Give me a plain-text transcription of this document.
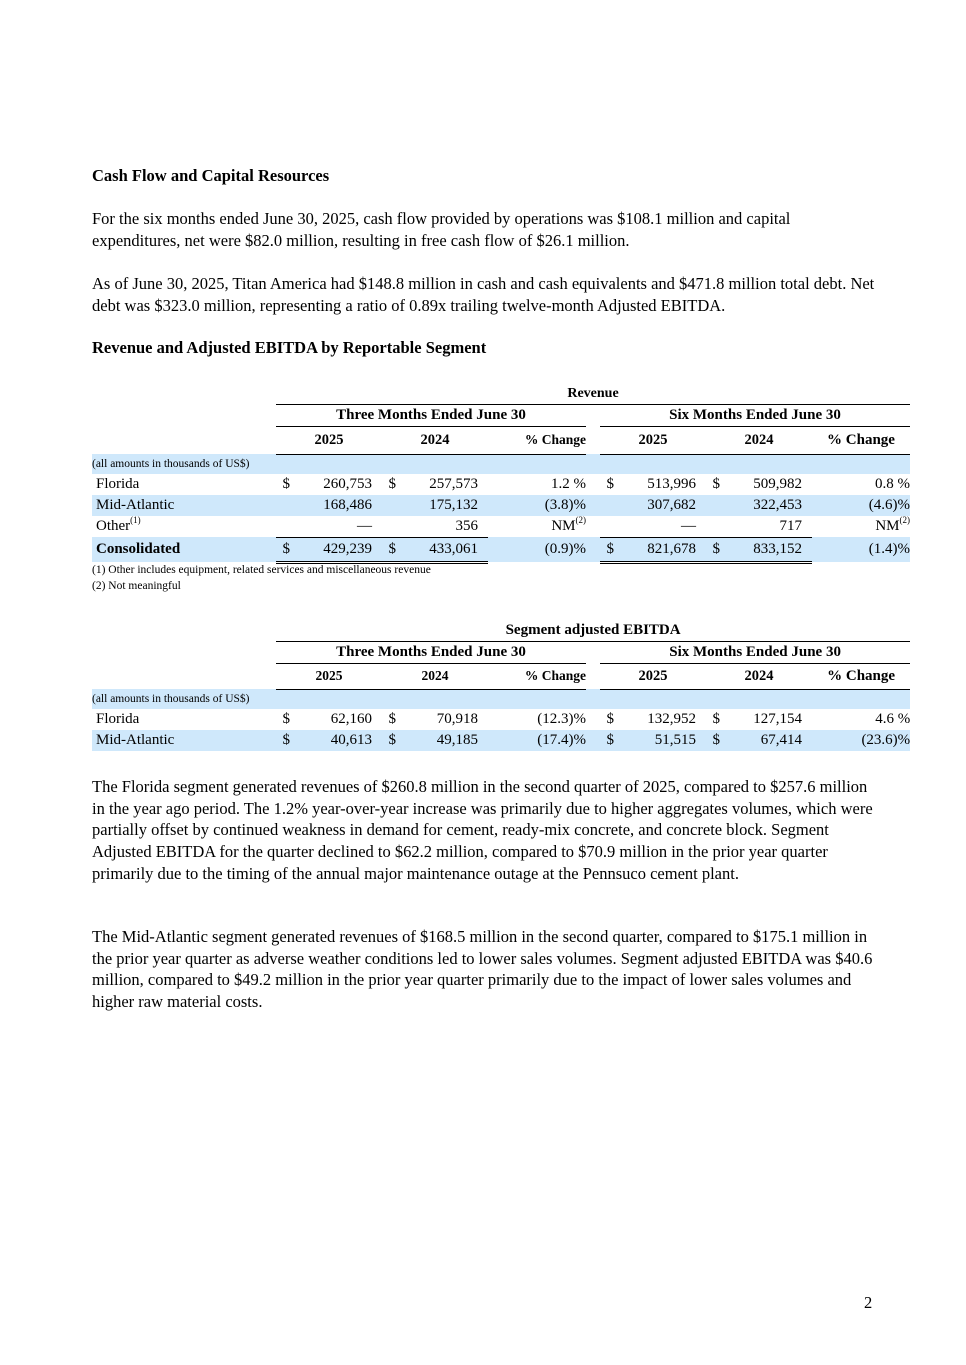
Cash Flow and Capital Resources

For the six months ended June 30, 2025, cash flow provided by operations was $108.1 million and capital expenditures, net were $82.0 million, resulting in free cash flow of $26.1 million.

As of June 30, 2025, Titan America had $148.8 million in cash and cash equivalents and $471.8 million total debt. Net debt was $323.0 million, representing a ratio of 0.89x trailing twelve-month Adjusted EBITDA.

Revenue and Adjusted EBITDA by Reportable Segment
	Revenue														
	Three Months Ended June 30								Six Months Ended June 30						
	2025			2024			% Change		2025			2024			% Change
(all amounts in thousands of US$)															
Florida	$	260,753		$	257,573		1.2 %		$	513,996		$	509,982		0.8 %
Mid-Atlantic		168,486			175,132		(3.8)%			307,682			322,453		(4.6)%
Other$^{(1)}$		—			356		NM$^{(2)}$			—			717		NM$^{(2)}$
Consolidated	$	429,239		$	433,061		(0.9)%		$	821,678		$	833,152		(1.4)%
(1) Other includes equipment, related services and miscellaneous revenue
(2) Not meaningful
	Segment adjusted EBITDA														
	Three Months Ended June 30								Six Months Ended June 30						
	2025			2024			% Change		2025			2024			% Change
(all amounts in thousands of US$)															
Florida	$	62,160		$	70,918		(12.3)%		$	132,952		$	127,154		4.6 %
Mid-Atlantic	$	40,613		$	49,185		(17.4)%		$	51,515		$	67,414		(23.6)%

The Florida segment generated revenues of $260.8 million in the second quarter of 2025, compared to $257.6 million in the year ago period. The 1.2% year-over-year increase was primarily due to higher aggregates volumes, which were partially offset by continued weakness in demand for cement, ready-mix concrete, and concrete block. Segment Adjusted EBITDA for the quarter declined to $62.2 million, compared to $70.9 million in the prior year quarter primarily due to the timing of the annual major maintenance outage at the Pennsuco cement plant.

The Mid-Atlantic segment generated revenues of $168.5 million in the second quarter, compared to $175.1 million in the prior year quarter as adverse weather conditions led to lower sales volumes. Segment adjusted EBITDA was $40.6 million, compared to $49.2 million in the prior year quarter primarily due to the impact of lower sales volumes and higher raw material costs.

2
